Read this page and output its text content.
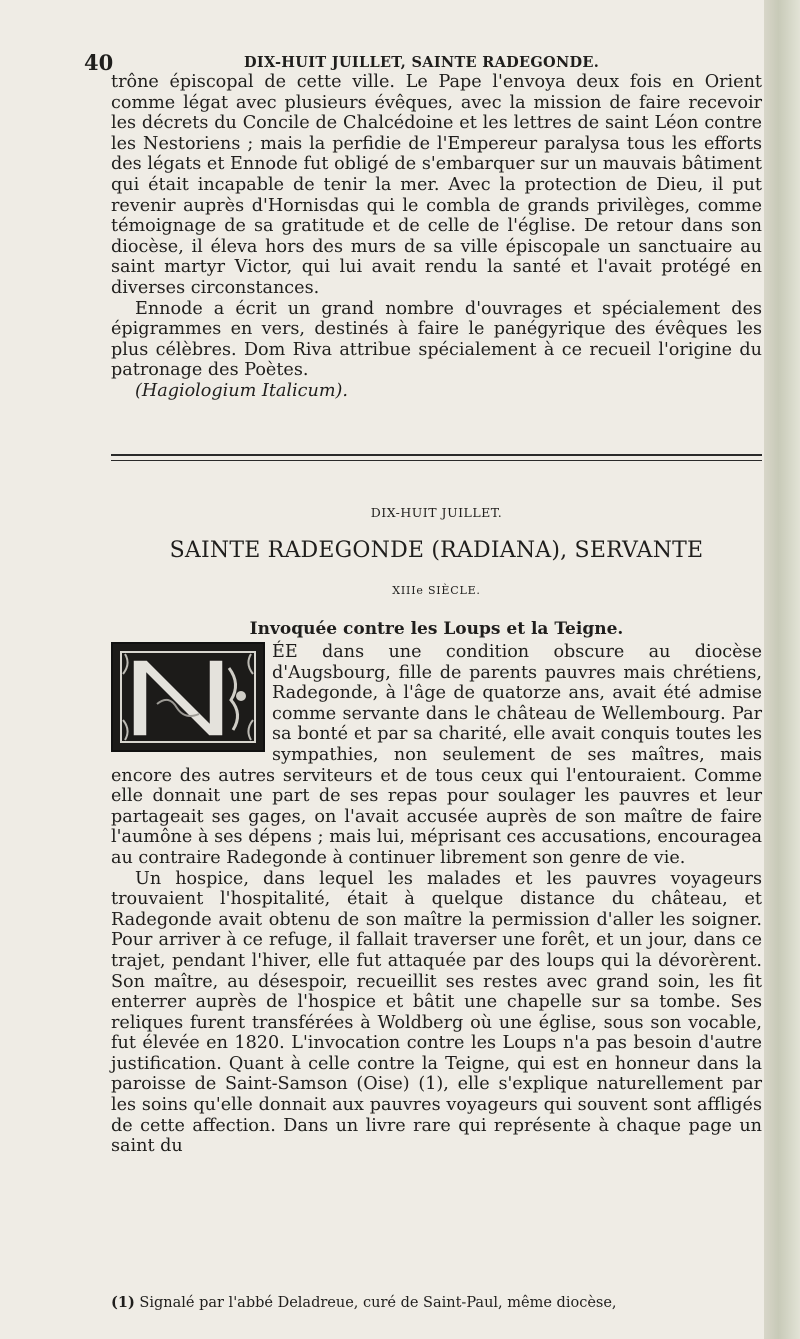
40	DIX-HUIT JUILLET, SAINTE RADEGONDE.

trône épiscopal de cette ville. Le Pape l'envoya deux fois en Orient comme légat avec plusieurs évêques, avec la mission de faire recevoir les décrets du Concile de Chalcédoine et les lettres de saint Léon contre les Nestoriens ; mais la perfidie de l'Empereur paralysa tous les efforts des légats et Ennode fut obligé de s'embarquer sur un mauvais bâtiment qui était incapable de tenir la mer. Avec la protection de Dieu, il put revenir auprès d'Hornisdas qui le combla de grands privilèges, comme témoignage de sa gratitude et de celle de l'église. De retour dans son diocèse, il éleva hors des murs de sa ville épiscopale un sanctuaire au saint martyr Victor, qui lui avait rendu la santé et l'avait protégé en diverses circonstances.

Ennode a écrit un grand nombre d'ouvrages et spécialement des épigrammes en vers, destinés à faire le panégyrique des évêques les plus célèbres. Dom Riva attribue spécialement à ce recueil l'origine du patronage des Poètes.

(Hagiologium Italicum).

DIX-HUIT JUILLET.
SAINTE RADEGONDE (RADIANA), SERVANTE
XIIIe SIÈCLE.
Invoquée contre les Loups et la Teigne.

ÉE dans une condition obscure au diocèse d'Augsbourg, fille de parents pauvres mais chrétiens, Radegonde, à l'âge de quatorze ans, avait été admise comme servante dans le château de Wellembourg. Par sa bonté et par sa charité, elle avait conquis toutes les sympathies, non seulement de ses maîtres, mais encore des autres serviteurs et de tous ceux qui l'entouraient. Comme elle donnait une part de ses repas pour soulager les pauvres et leur partageait ses gages, on l'avait accusée auprès de son maître de faire l'aumône à ses dépens ; mais lui, méprisant ces accusations, encouragea au contraire Radegonde à continuer librement son genre de vie.

Un hospice, dans lequel les malades et les pauvres voyageurs trouvaient l'hospitalité, était à quelque distance du château, et Radegonde avait obtenu de son maître la permission d'aller les soigner. Pour arriver à ce refuge, il fallait traverser une forêt, et un jour, dans ce trajet, pendant l'hiver, elle fut attaquée par des loups qui la dévorèrent. Son maître, au désespoir, recueillit ses restes avec grand soin, les fit enterrer auprès de l'hospice et bâtit une chapelle sur sa tombe. Ses reliques furent transférées à Woldberg où une église, sous son vocable, fut élevée en 1820. L'invocation contre les Loups n'a pas besoin d'autre justification. Quant à celle contre la Teigne, qui est en honneur dans la paroisse de Saint-Samson (Oise) (1), elle s'explique naturellement par les soins qu'elle donnait aux pauvres voyageurs qui souvent sont affligés de cette affection. Dans un livre rare qui représente à chaque page un saint du

(1) Signalé par l'abbé Deladreue, curé de Saint-Paul, même diocèse,
